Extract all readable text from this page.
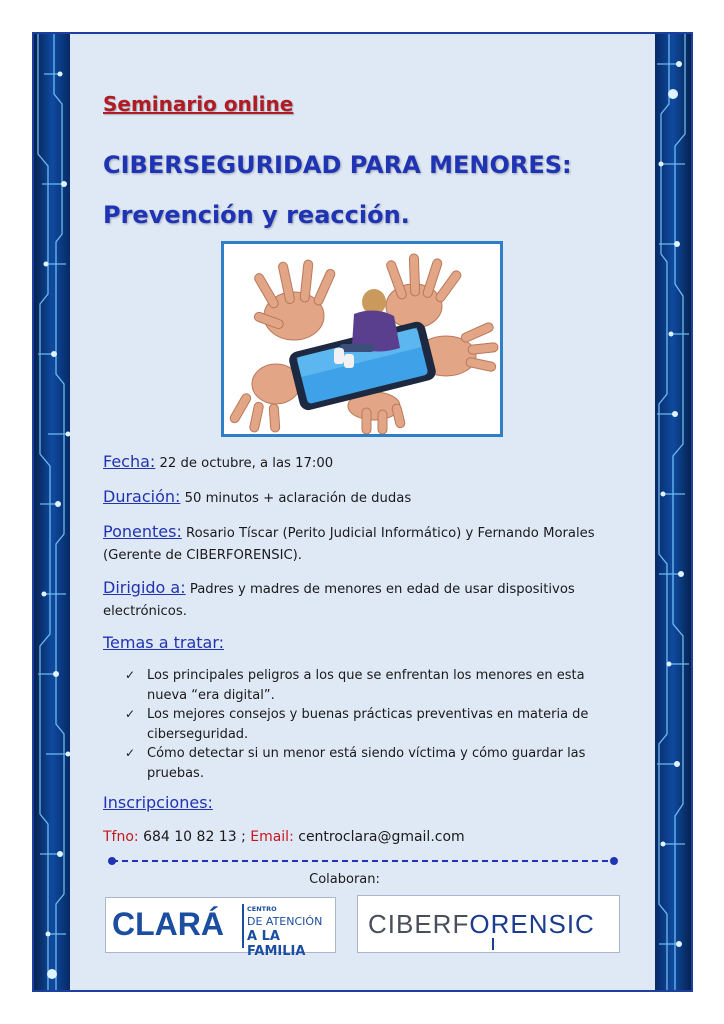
Seminario online
CIBERSEGURIDAD PARA MENORES:
Prevención y reacción.
Fecha: 22 de octubre, a las 17:00
Duración: 50 minutos + aclaración de dudas
Ponentes: Rosario Tíscar (Perito Judicial Informático) y Fernando Morales (Gerente de CIBERFORENSIC).
Dirigido a: Padres y madres de menores en edad de usar dispositivos electrónicos.
Temas a tratar:
✓ Los principales peligros a los que se enfrentan los menores en esta nueva “era digital”.
✓ Los mejores consejos y buenas prácticas preventivas en materia de ciberseguridad.
✓ Cómo detectar si un menor está siendo víctima y cómo guardar las pruebas.
Inscripciones:
Tfno: 684 10 82 13 ; Email: centroclara@gmail.com
Colaboran:
CLARÁ	CENTRO
DE ATENCIÓN
A LA FAMILIA
CIBERFORENSIC
